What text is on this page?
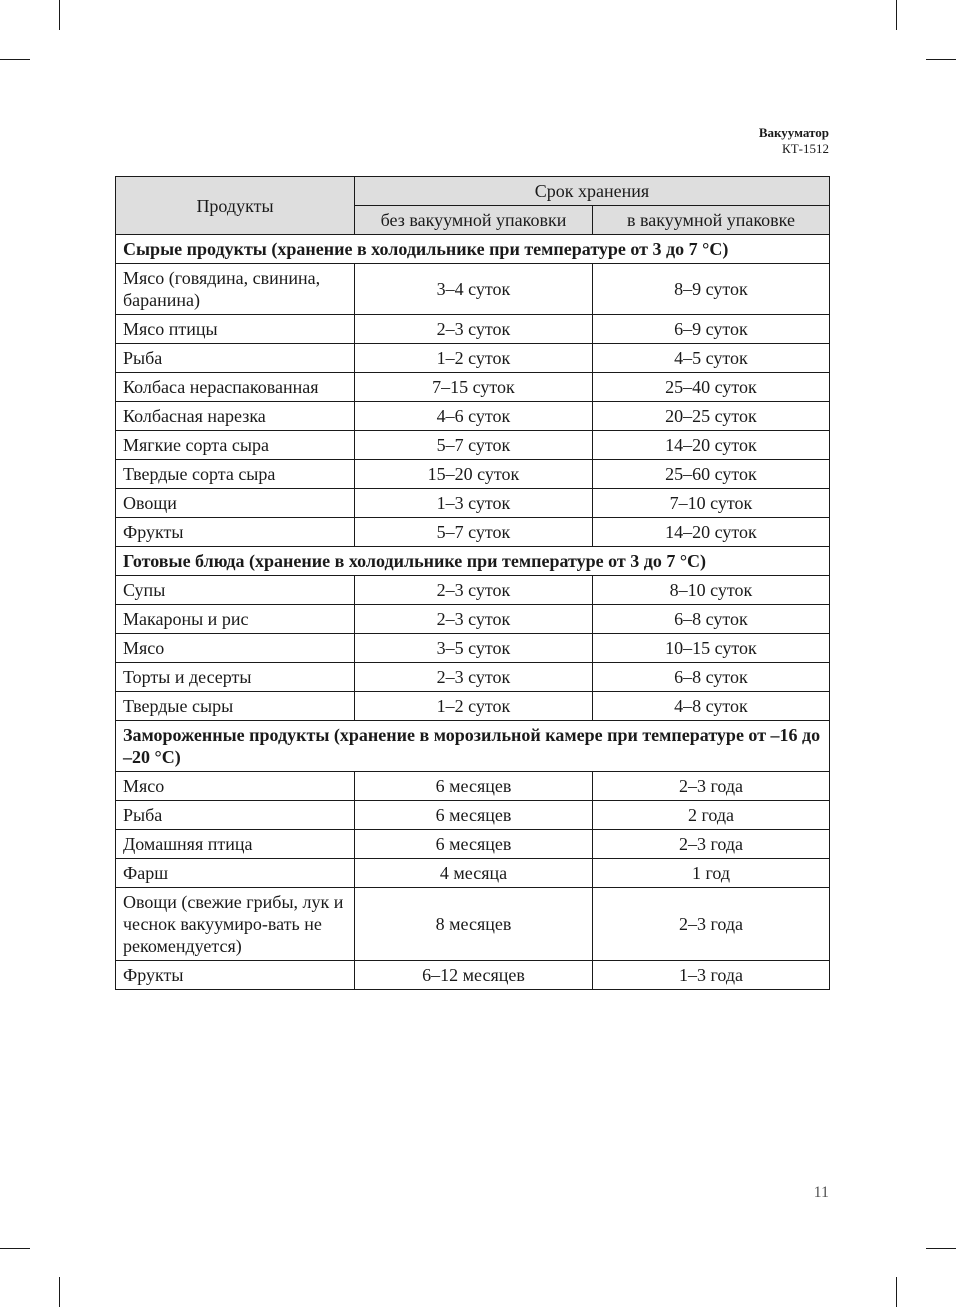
Вакууматор
КТ-1512
Продукты	Срок хранения	
	без вакуумной упаковки	в вакуумной упаковке
Сырые продукты (хранение в холодильнике при температуре от 3 до 7 °С)		
Мясо (говядина, свинина, баранина)	3–4 суток	8–9 суток
Мясо птицы	2–3 суток	6–9 суток
Рыба	1–2 суток	4–5 суток
Колбаса нераспакованная	7–15 суток	25–40 суток
Колбасная нарезка	4–6 суток	20–25 суток
Мягкие сорта сыра	5–7 суток	14–20 суток
Твердые сорта сыра	15–20 суток	25–60 суток
Овощи	1–3 суток	7–10 суток
Фрукты	5–7 суток	14–20 суток
Готовые блюда (хранение в холодильнике при температуре от 3 до 7 °С)		
Супы	2–3 суток	8–10 суток
Макароны и рис	2–3 суток	6–8 суток
Мясо	3–5 суток	10–15 суток
Торты и десерты	2–3 суток	6–8 суток
Твердые сыры	1–2 суток	4–8 суток
Замороженные продукты (хранение в морозильной камере при температуре от –16 до –20 °С)		
Мясо	6 месяцев	2–3 года
Рыба	6 месяцев	2 года
Домашняя птица	6 месяцев	2–3 года
Фарш	4 месяца	1 год
Овощи (свежие грибы, лук и чеснок вакуумиро-вать не рекомендуется)	8 месяцев	2–3 года
Фрукты	6–12 месяцев	1–3 года
11
